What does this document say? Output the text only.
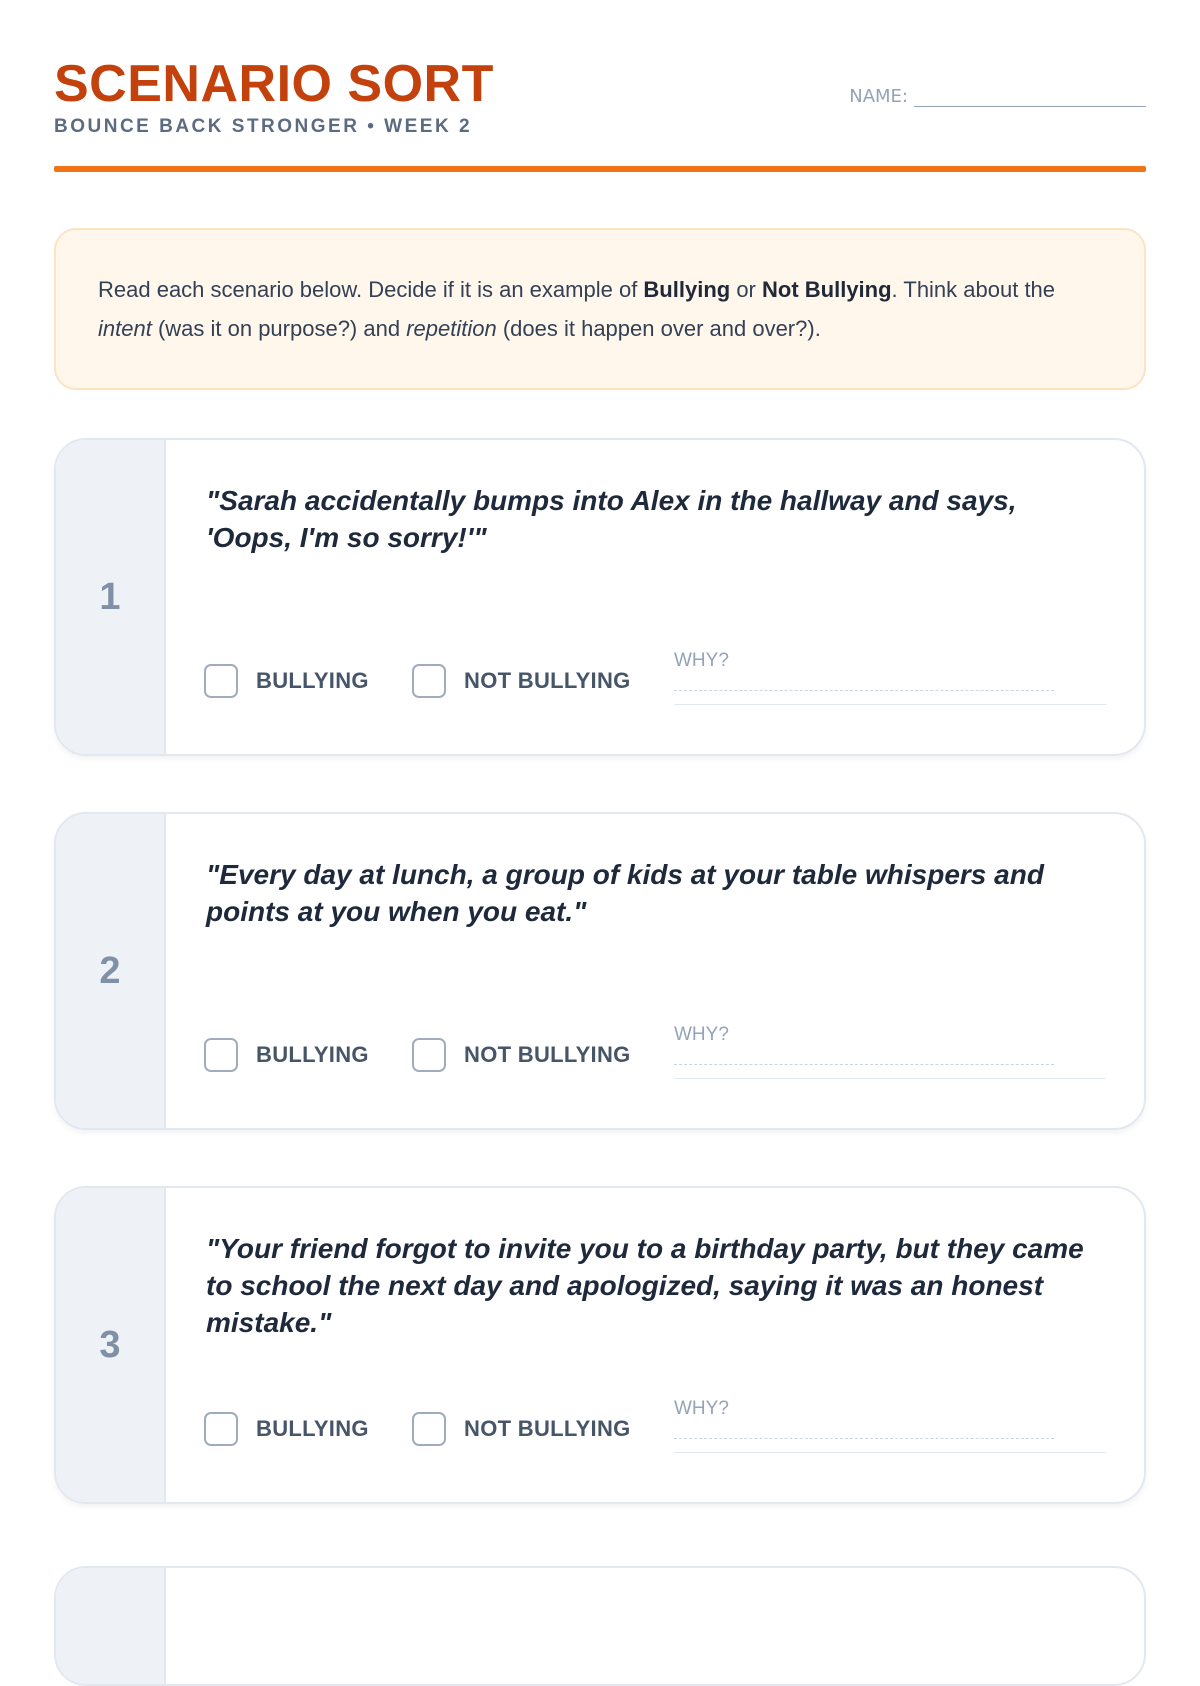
SCENARIO SORT
BOUNCE BACK STRONGER • WEEK 2
NAME:
Read each scenario below. Decide if it is an example of Bullying or Not Bullying. Think about the intent (was it on purpose?) and repetition (does it happen over and over?).
1

"Sarah accidentally bumps into Alex in the hallway and says, 'Oops, I'm so sorry!'"

BULLYING	NOT BULLYING
WHY?
2

"Every day at lunch, a group of kids at your table whispers and points at you when you eat."

BULLYING	NOT BULLYING
WHY?
3

"Your friend forgot to invite you to a birthday party, but they came to school the next day and apologized, saying it was an honest mistake."

BULLYING	NOT BULLYING
WHY?
